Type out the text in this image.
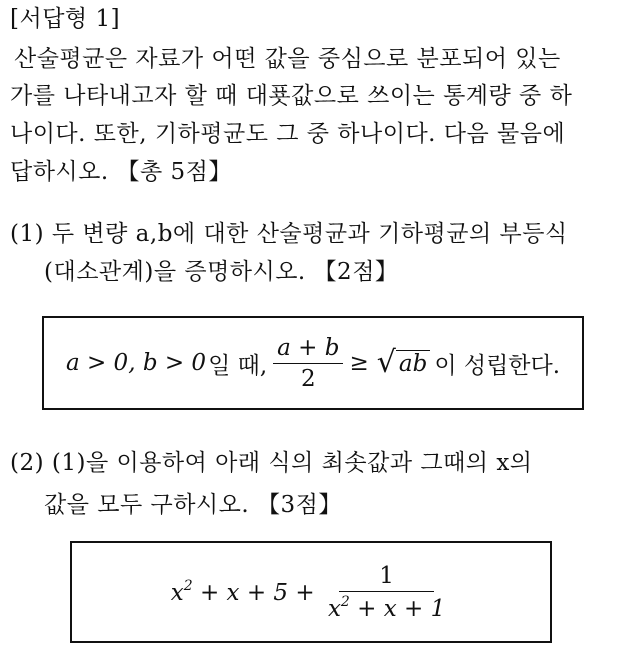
[서답형 1]
산술평균은 자료가 어떤 값을 중심으로 분포되어 있는
가를 나타내고자 할 때 대푯값으로 쓰이는 통계량 중 하
나이다. 또한, 기하평균도 그 중 하나이다. 다음 물음에
답하시오. 【총 5점】
(1) 두 변량 a,b에 대한 산술평균과 기하평균의 부등식
(대소관계)을 증명하시오. 【2점】
a > 0, b > 0 일 때, $\frac{a + b}{2}$ ≥ √ ab 이 성립한다.
(2) (1)을 이용하여 아래 식의 최솟값과 그때의 x의
값을 모두 구하시오. 【3점】
$x^2 + x + 5 + \frac{1}{x^2 + x + 1}$
